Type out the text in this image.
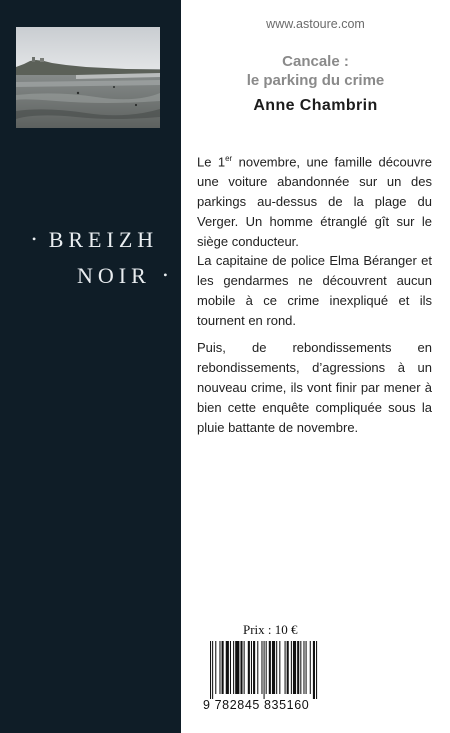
• BREIZH
NOIR •
www.astoure.com
Cancale :
le parking du crime
Anne Chambrin

Le 1er novembre, une famille découvre une voiture abandonnée sur un des parkings au-dessus de la plage du Verger. Un homme étranglé gît sur le siège conducteur.

La capitaine de police Elma Béranger et les gendarmes ne découvrent aucun mobile à ce crime inexpliqué et ils tournent en rond.

Puis, de rebondissements en rebondissements, d’agressions à un nouveau crime, ils vont finir par mener à bien cette enquête compliquée sous la pluie battante de novembre.

Prix : 10 €
9 782845 835160
